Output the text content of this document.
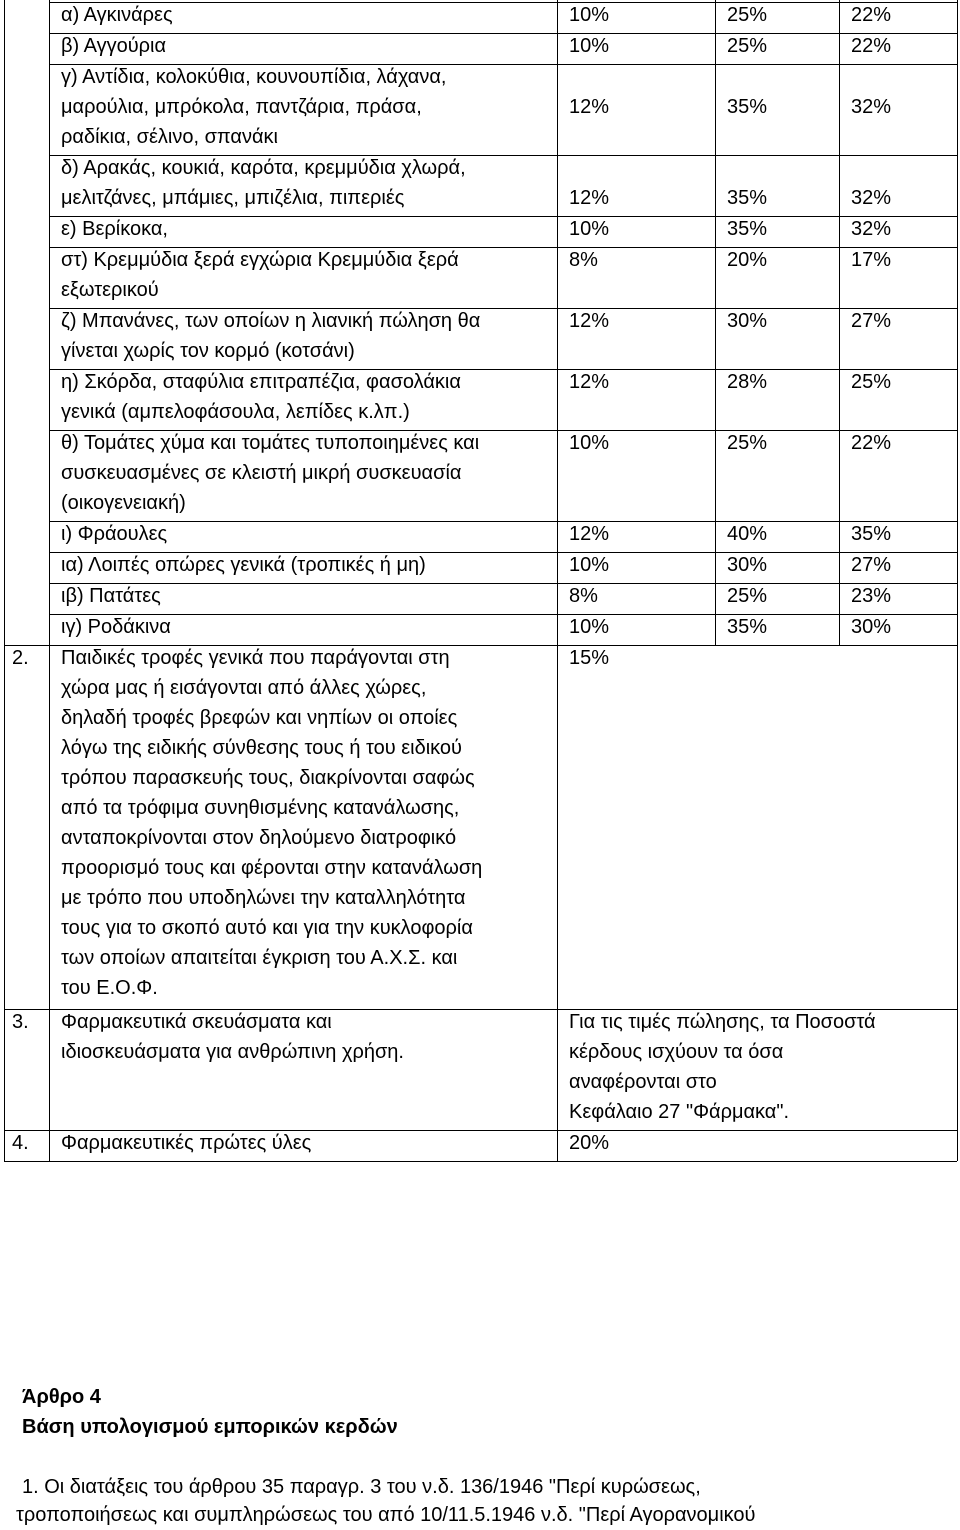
α) Αγκινάρες	10%	25%	22%
β) Αγγούρια	10%	25%	22%
γ) Αντίδια, κολοκύθια, κουνουπίδια, λάχανα,
μαρούλια, μπρόκολα, παντζάρια, πράσα,
ραδίκια, σέλινο, σπανάκι
12%	35%	32%
δ) Αρακάς, κουκιά, καρότα, κρεμμύδια χλωρά,
μελιτζάνες, μπάμιες, μπιζέλια, πιπεριές	12%	35%	32%
ε) Βερίκοκα,	10%	35%	32%
στ) Κρεμμύδια ξερά εγχώρια Κρεμμύδια ξερά
εξωτερικού
8%	20%	17%
ζ) Μπανάνες, των οποίων η λιανική πώληση θα
γίνεται χωρίς τον κορμό (κοτσάνι)
12%	30%	27%
η) Σκόρδα, σταφύλια επιτραπέζια, φασολάκια
γενικά (αμπελοφάσουλα, λεπίδες κ.λπ.)
12%	28%	25%
θ) Τομάτες χύμα και τομάτες τυποποιημένες και
συσκευασμένες σε κλειστή μικρή συσκευασία
(οικογενειακή)
10%	25%	22%
ι) Φράουλες	12%	40%	35%
ια) Λοιπές οπώρες γενικά (τροπικές ή μη)	10%	30%	27%
ιβ) Πατάτες	8%	25%	23%
ιγ) Ροδάκινα	10%	35%	30%
2. Παιδικές τροφές γενικά που παράγονται στη
χώρα μας ή εισάγονται από άλλες χώρες,
δηλαδή τροφές βρεφών και νηπίων οι οποίες
λόγω της ειδικής σύνθεσης τους ή του ειδικού
τρόπου παρασκευής τους, διακρίνονται σαφώς
από τα τρόφιμα συνηθισμένης κατανάλωσης,
ανταποκρίνονται στον δηλούμενο διατροφικό
προορισμό τους και φέρονται στην κατανάλωση
με τρόπο που υποδηλώνει την καταλληλότητα
τους για το σκοπό αυτό και για την κυκλοφορία
των οποίων απαιτείται έγκριση του Α.Χ.Σ. και
του Ε.Ο.Φ.
15%
3. Φαρμακευτικά σκευάσματα και
ιδιοσκευάσματα για ανθρώπινη χρήση.
Για τις τιμές πώλησης, τα Ποσοστά
κέρδους ισχύουν τα όσα
αναφέρονται στο
Κεφάλαιο 27 "Φάρμακα".
4. Φαρμακευτικές πρώτες ύλες	20%
Άρθρο 4
Βάση υπολογισμού εμπορικών κερδών
1. Οι διατάξεις του άρθρου 35 παραγρ. 3 του ν.δ. 136/1946 "Περί κυρώσεως,
τροποποιήσεως και συμπληρώσεως του από 10/11.5.1946 ν.δ. "Περί Αγορανομικού
